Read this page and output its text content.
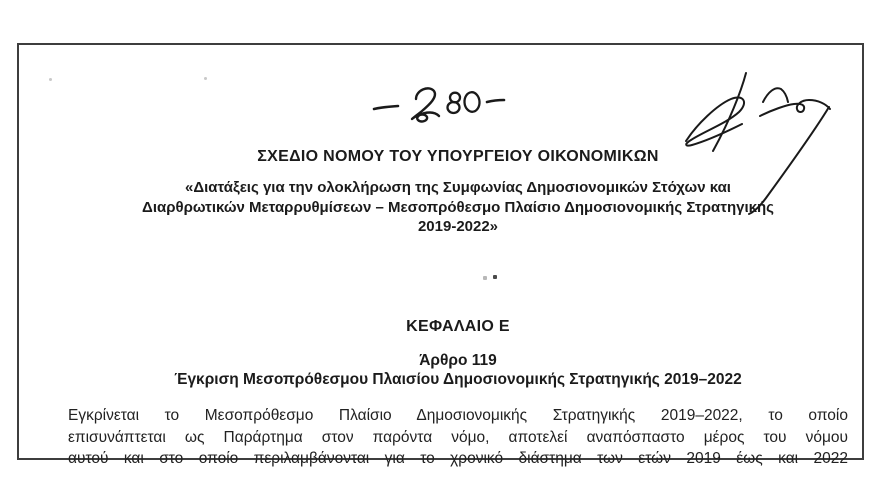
ΣΧΕΔΙΟ ΝΟΜΟΥ ΤΟΥ ΥΠΟΥΡΓΕΙΟΥ ΟΙΚΟΝΟΜΙΚΩΝ
«Διατάξεις για την ολοκλήρωση της Συμφωνίας Δημοσιονομικών Στόχων και
Διαρθρωτικών Μεταρρυθμίσεων – Μεσοπρόθεσμο Πλαίσιο Δημοσιονομικής Στρατηγικής
2019-2022»
ΚΕΦΑΛΑΙΟ Ε
Άρθρο 119
Έγκριση Μεσοπρόθεσμου Πλαισίου Δημοσιονομικής Στρατηγικής 2019–2022
Εγκρίνεται το Μεσοπρόθεσμο Πλαίσιο Δημοσιονομικής Στρατηγικής 2019–2022, το οποίο
επισυνάπτεται ως Παράρτημα στον παρόντα νόμο, αποτελεί αναπόσπαστο μέρος του νόμου
αυτού και στο οποίο περιλαμβάνονται για το χρονικό διάστημα των ετών 2019 έως και 2022
